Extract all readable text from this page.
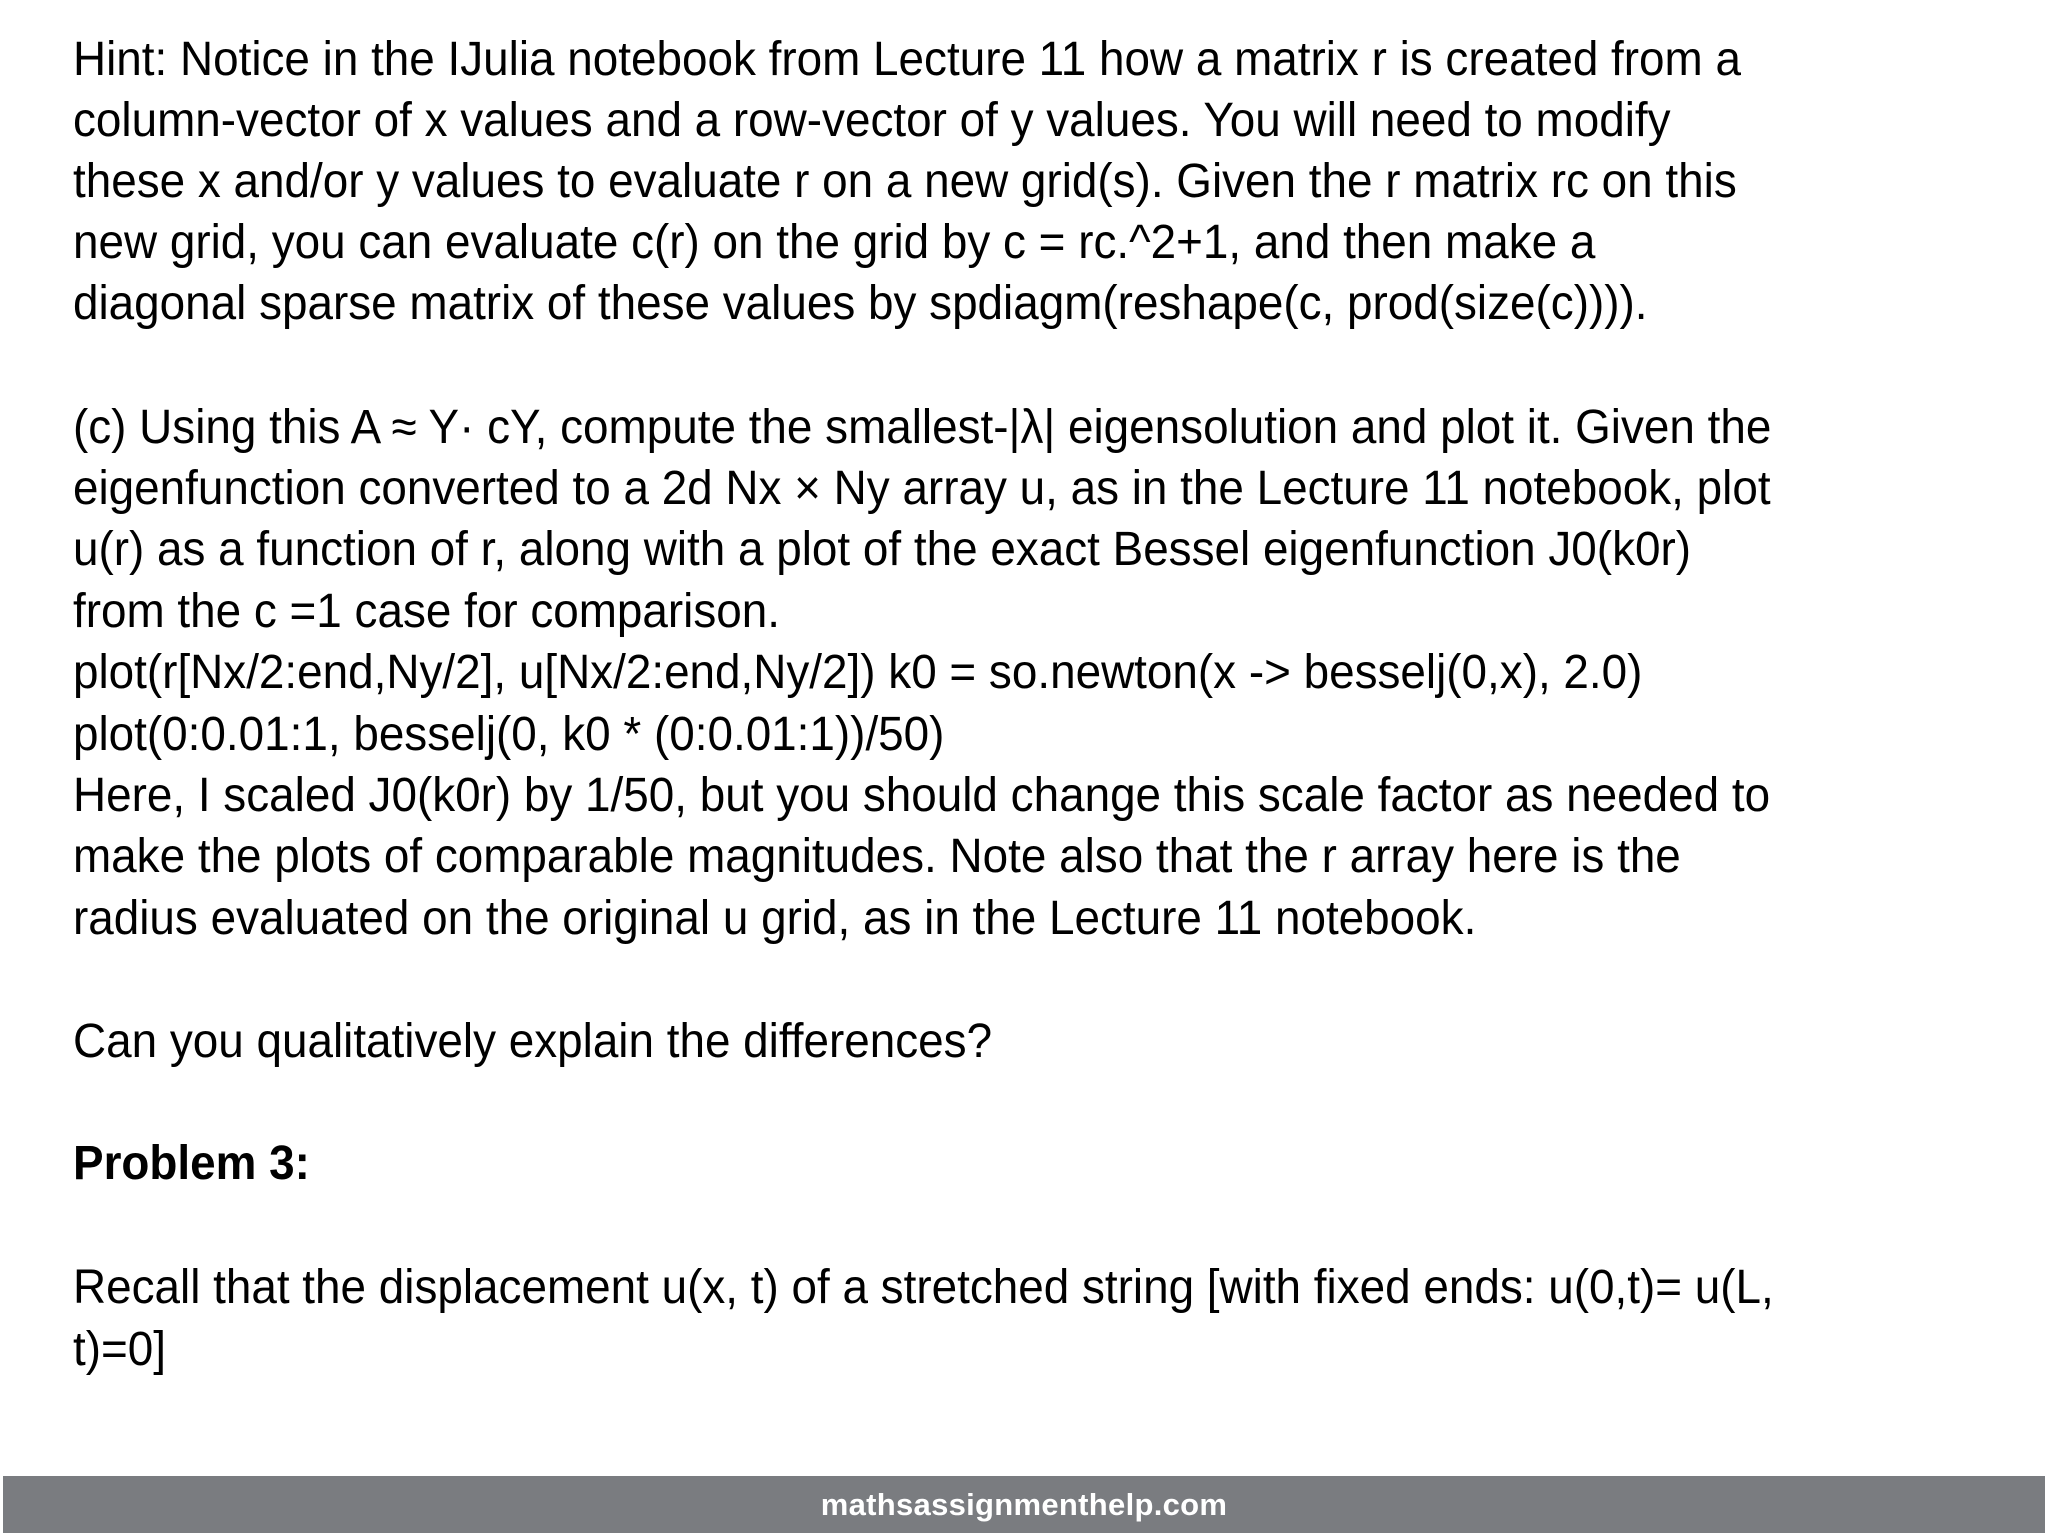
Hint: Notice in the IJulia notebook from Lecture 11 how a matrix r is created from a
column-vector of x values and a row-vector of y values. You will need to modify
these x and/or y values to evaluate r on a new grid(s). Given the r matrix rc on this
new grid, you can evaluate c(r) on the grid by c = rc.^2+1, and then make a
diagonal sparse matrix of these values by spdiagm(reshape(c, prod(size(c)))).
(c) Using this A ≈ Y· cY, compute the smallest-|λ| eigensolution and plot it. Given the
eigenfunction converted to a 2d Nx × Ny array u, as in the Lecture 11 notebook, plot
u(r) as a function of r, along with a plot of the exact Bessel eigenfunction J0(k0r)
from the c =1 case for comparison.
plot(r[Nx/2:end,Ny/2], u[Nx/2:end,Ny/2]) k0 = so.newton(x -> besselj(0,x), 2.0)
plot(0:0.01:1, besselj(0, k0 * (0:0.01:1))/50)
Here, I scaled J0(k0r) by 1/50, but you should change this scale factor as needed to
make the plots of comparable magnitudes. Note also that the r array here is the
radius evaluated on the original u grid, as in the Lecture 11 notebook.
Can you qualitatively explain the differences?
Problem 3:
Recall that the displacement u(x, t) of a stretched string [with fixed ends: u(0,t)= u(L,
t)=0]
mathsassignmenthelp.com
